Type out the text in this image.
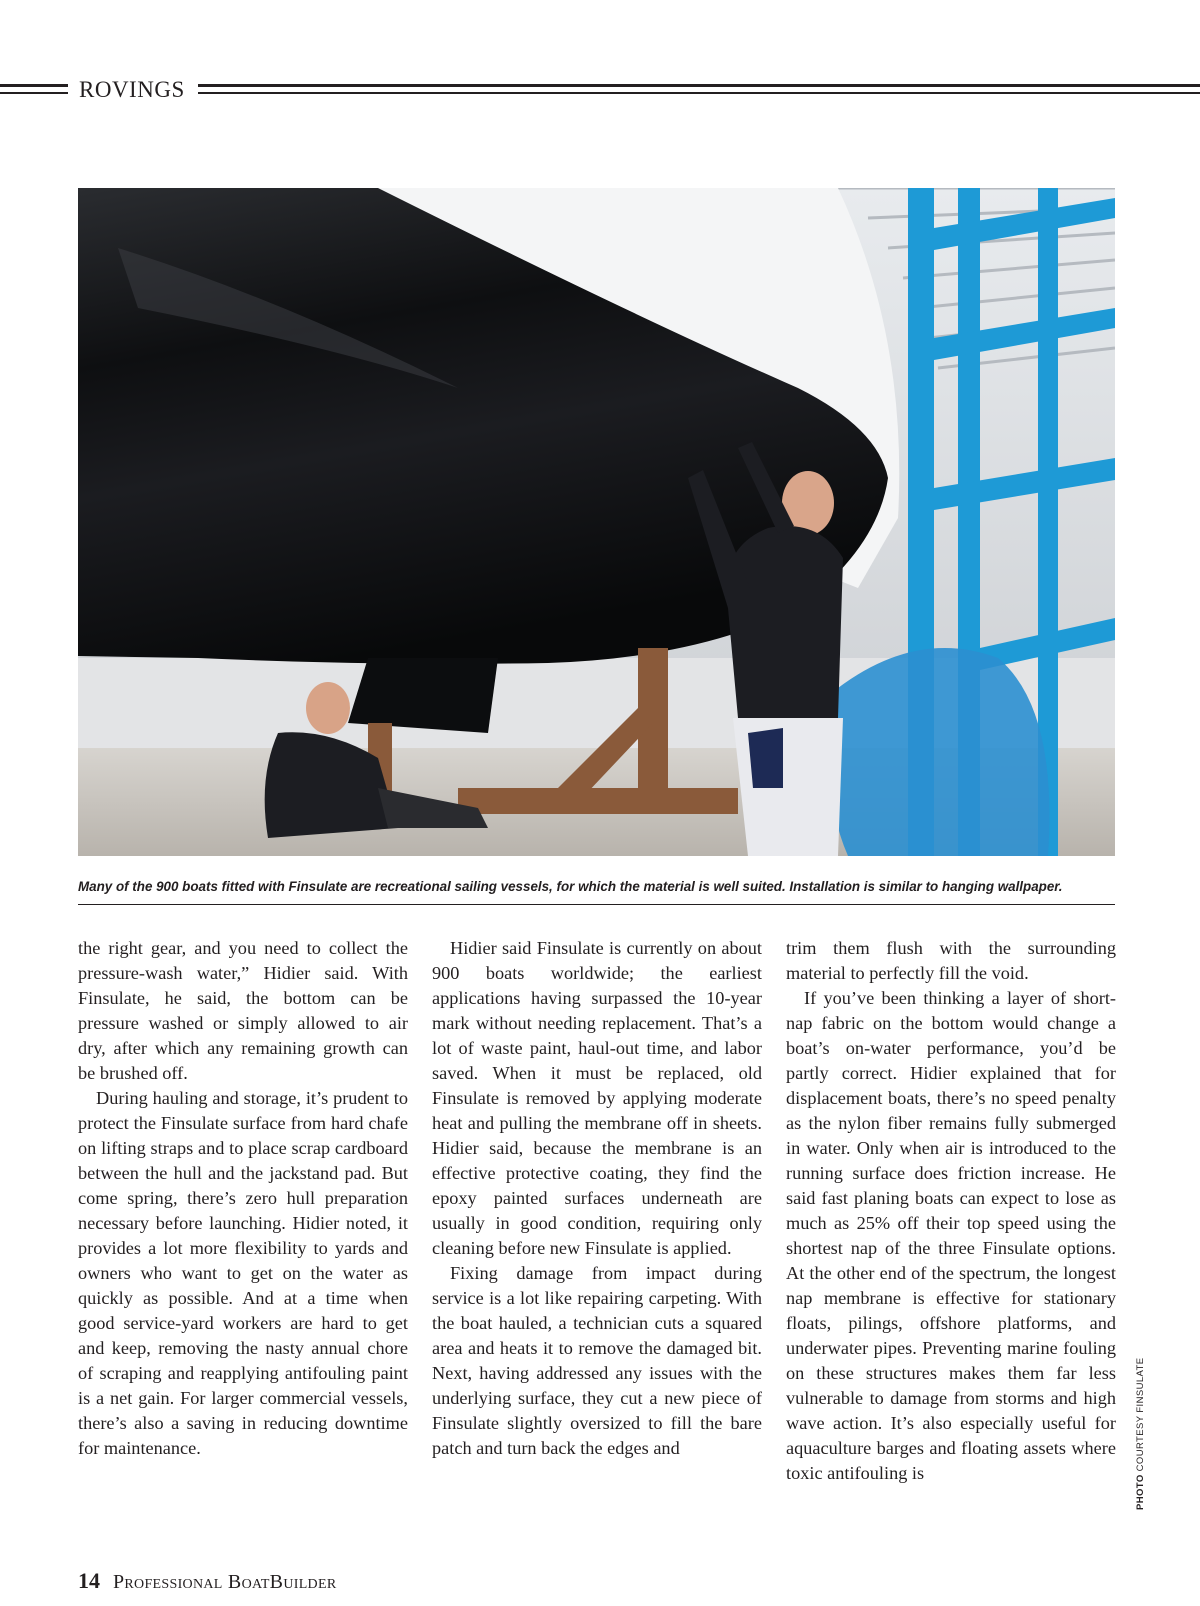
ROVINGS
Many of the 900 boats fitted with Finsulate are recreational sailing vessels, for which the material is well suited. Installation is similar to hanging wallpaper.

the right gear, and you need to collect the pressure-wash water,” Hidier said. With Finsulate, he said, the bottom can be pressure washed or simply allowed to air dry, after which any remaining growth can be brushed off.

During hauling and storage, it’s prudent to protect the Finsulate surface from hard chafe on lifting straps and to place scrap cardboard between the hull and the jackstand pad. But come spring, there’s zero hull preparation necessary before launching. Hidier noted, it provides a lot more flexibility to yards and owners who want to get on the water as quickly as possible. And at a time when good service-yard workers are hard to get and keep, removing the nasty annual chore of scraping and reapplying antifouling paint is a net gain. For larger commercial vessels, there’s also a saving in reducing downtime for maintenance.

Hidier said Finsulate is currently on about 900 boats worldwide; the earliest applications having surpassed the 10-year mark without needing replacement. That’s a lot of waste paint, haul-out time, and labor saved. When it must be replaced, old Finsulate is removed by applying moderate heat and pulling the membrane off in sheets. Hidier said, because the membrane is an effective protective coating, they find the epoxy painted surfaces underneath are usually in good condition, requiring only cleaning before new Finsulate is applied.

Fixing damage from impact during service is a lot like repairing carpeting. With the boat hauled, a technician cuts a squared area and heats it to remove the damaged bit. Next, having addressed any issues with the underlying surface, they cut a new piece of Finsulate slightly oversized to fill the bare patch and turn back the edges and

trim them flush with the surrounding material to perfectly fill the void.

If you’ve been thinking a layer of short-nap fabric on the bottom would change a boat’s on-water performance, you’d be partly correct. Hidier explained that for displacement boats, there’s no speed penalty as the nylon fiber remains fully submerged in water. Only when air is introduced to the running surface does friction increase. He said fast planing boats can expect to lose as much as 25% off their top speed using the shortest nap of the three Finsulate options. At the other end of the spectrum, the longest nap membrane is effective for stationary floats, pilings, offshore platforms, and underwater pipes. Preventing marine fouling on these structures makes them far less vulnerable to damage from storms and high wave action. It’s also especially useful for aquaculture barges and floating assets where toxic antifouling is

PHOTO COURTESY FINSULATE
14 Professional BoatBuilder
